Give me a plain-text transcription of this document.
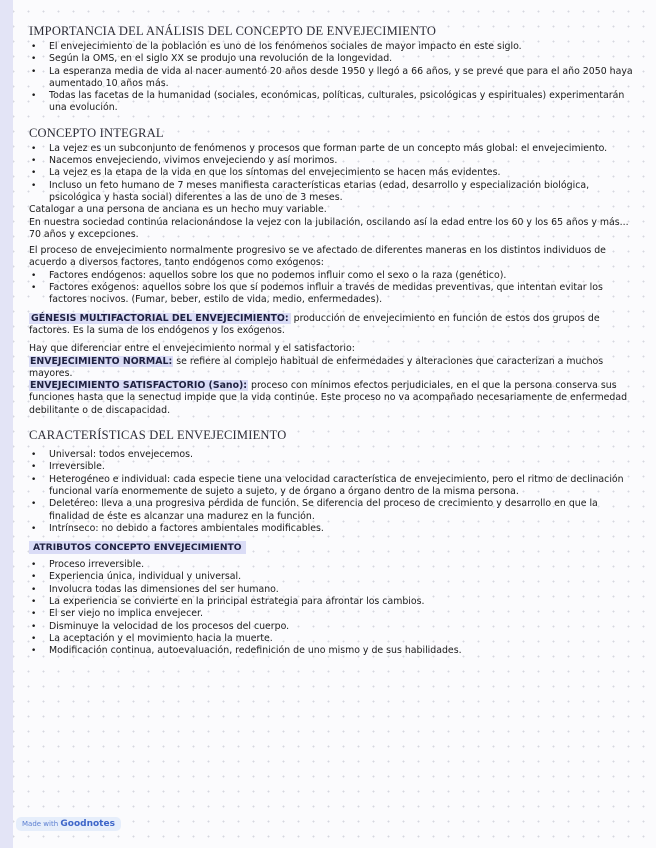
IMPORTANCIA DEL ANÁLISIS DEL CONCEPTO DE ENVEJECIMIENTO
• El envejecimiento de la población es uno de los fenómenos sociales de mayor impacto en este siglo.
• Según la OMS, en el siglo XX se produjo una revolución de la longevidad.
• La esperanza media de vida al nacer aumentó 20 años desde 1950 y llegó a 66 años, y se prevé que para el año 2050 haya aumentado 10 años más.
• Todas las facetas de la humanidad (sociales, económicas, políticas, culturales, psicológicas y espirituales) experimentarán una evolución.
CONCEPTO INTEGRAL
• La vejez es un subconjunto de fenómenos y procesos que forman parte de un concepto más global: el envejecimiento.
• Nacemos envejeciendo, vivimos envejeciendo y así morimos.
• La vejez es la etapa de la vida en que los síntomas del envejecimiento se hacen más evidentes.
• Incluso un feto humano de 7 meses manifiesta características etarias (edad, desarrollo y especialización biológica, psicológica y hasta social) diferentes a las de uno de 3 meses.

Catalogar a una persona de anciana es un hecho muy variable.

En nuestra sociedad continúa relacionándose la vejez con la jubilación, oscilando así la edad entre los 60 y los 65 años y más... 70 años y excepciones.

El proceso de envejecimiento normalmente progresivo se ve afectado de diferentes maneras en los distintos individuos de acuerdo a diversos factores, tanto endógenos como exógenos:

• Factores endógenos: aquellos sobre los que no podemos influir como el sexo o la raza (genético).
• Factores exógenos: aquellos sobre los que sí podemos influir a través de medidas preventivas, que intentan evitar los factores nocivos. (Fumar, beber, estilo de vida, medio, enfermedades).

GÉNESIS MULTIFACTORIAL DEL ENVEJECIMIENTO: producción de envejecimiento en función de estos dos grupos de factores. Es la suma de los endógenos y los exógenos.

Hay que diferenciar entre el envejecimiento normal y el satisfactorio:

ENVEJECIMIENTO NORMAL: se refiere al complejo habitual de enfermedades y alteraciones que caracterizan a muchos mayores.

ENVEJECIMIENTO SATISFACTORIO (Sano): proceso con mínimos efectos perjudiciales, en el que la persona conserva sus funciones hasta que la senectud impide que la vida continúe. Este proceso no va acompañado necesariamente de enfermedad debilitante o de discapacidad.

CARACTERÍSTICAS DEL ENVEJECIMIENTO
• Universal: todos envejecemos.
• Irreversible.
• Heterogéneo e individual: cada especie tiene una velocidad característica de envejecimiento, pero el ritmo de declinación funcional varía enormemente de sujeto a sujeto, y de órgano a órgano dentro de la misma persona.
• Deletéreo: lleva a una progresiva pérdida de función. Se diferencia del proceso de crecimiento y desarrollo en que la finalidad de éste es alcanzar una madurez en la función.
• Intrínseco: no debido a factores ambientales modificables.
ATRIBUTOS CONCEPTO ENVEJECIMIENTO
• Proceso irreversible.
• Experiencia única, individual y universal.
• Involucra todas las dimensiones del ser humano.
• La experiencia se convierte en la principal estrategia para afrontar los cambios.
• El ser viejo no implica envejecer.
• Disminuye la velocidad de los procesos del cuerpo.
• La aceptación y el movimiento hacia la muerte.
• Modificación continua, autoevaluación, redefinición de uno mismo y de sus habilidades.
Made with Goodnotes
